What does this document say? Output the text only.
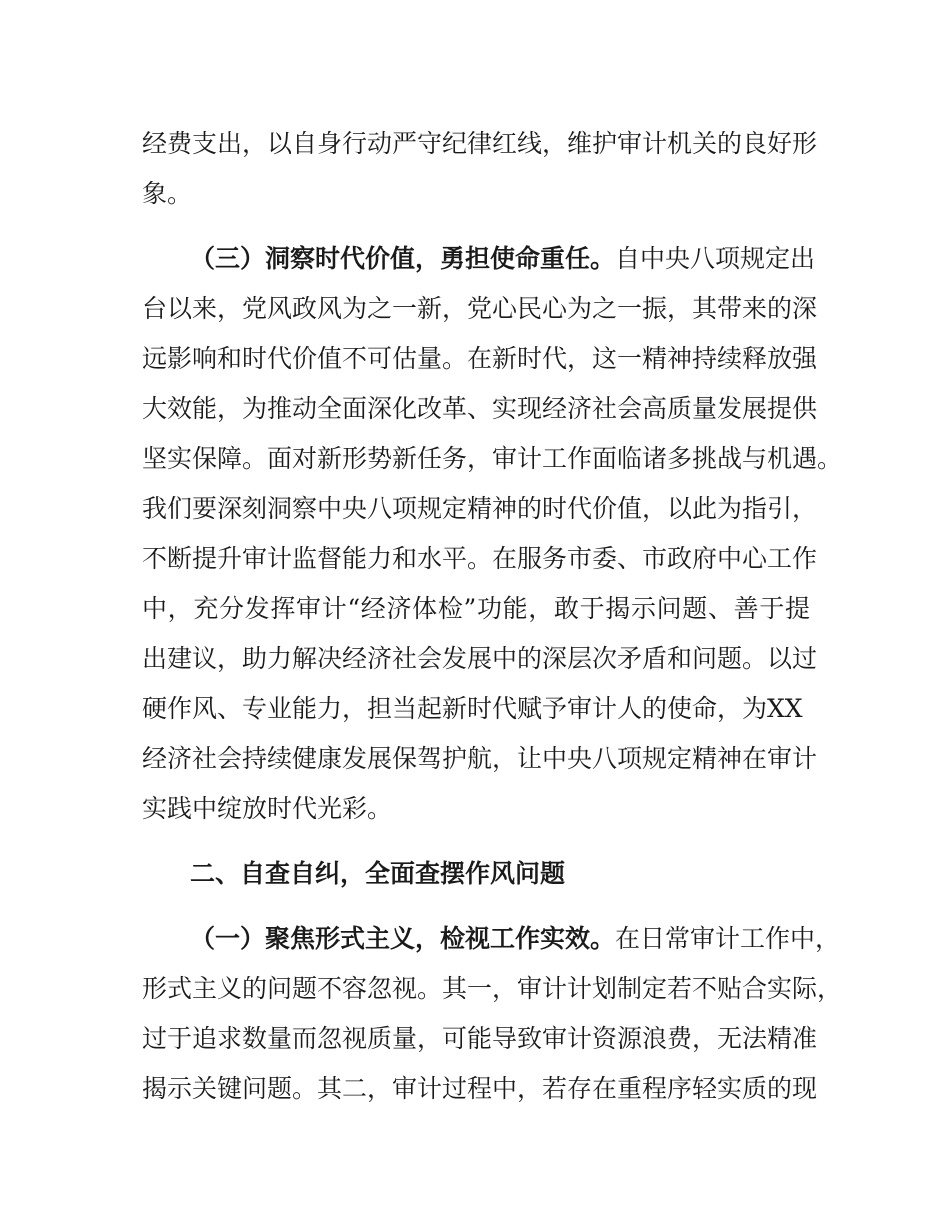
经费支出，以自身行动严守纪律红线，维护审计机关的良好形
象。
（三）洞察时代价值，勇担使命重任。自中央八项规定出
台以来，党风政风为之一新，党心民心为之一振，其带来的深
远影响和时代价值不可估量。在新时代，这一精神持续释放强
大效能，为推动全面深化改革、实现经济社会高质量发展提供
坚实保障。面对新形势新任务，审计工作面临诸多挑战与机遇。
我们要深刻洞察中央八项规定精神的时代价值，以此为指引，
不断提升审计监督能力和水平。在服务市委、市政府中心工作
中，充分发挥审计“经济体检”功能，敢于揭示问题、善于提
出建议，助力解决经济社会发展中的深层次矛盾和问题。以过
硬作风、专业能力，担当起新时代赋予审计人的使命，为XX
经济社会持续健康发展保驾护航，让中央八项规定精神在审计
实践中绽放时代光彩。
二、自查自纠，全面查摆作风问题
（一）聚焦形式主义，检视工作实效。在日常审计工作中，
形式主义的问题不容忽视。其一，审计计划制定若不贴合实际，
过于追求数量而忽视质量，可能导致审计资源浪费，无法精准
揭示关键问题。其二，审计过程中，若存在重程序轻实质的现
